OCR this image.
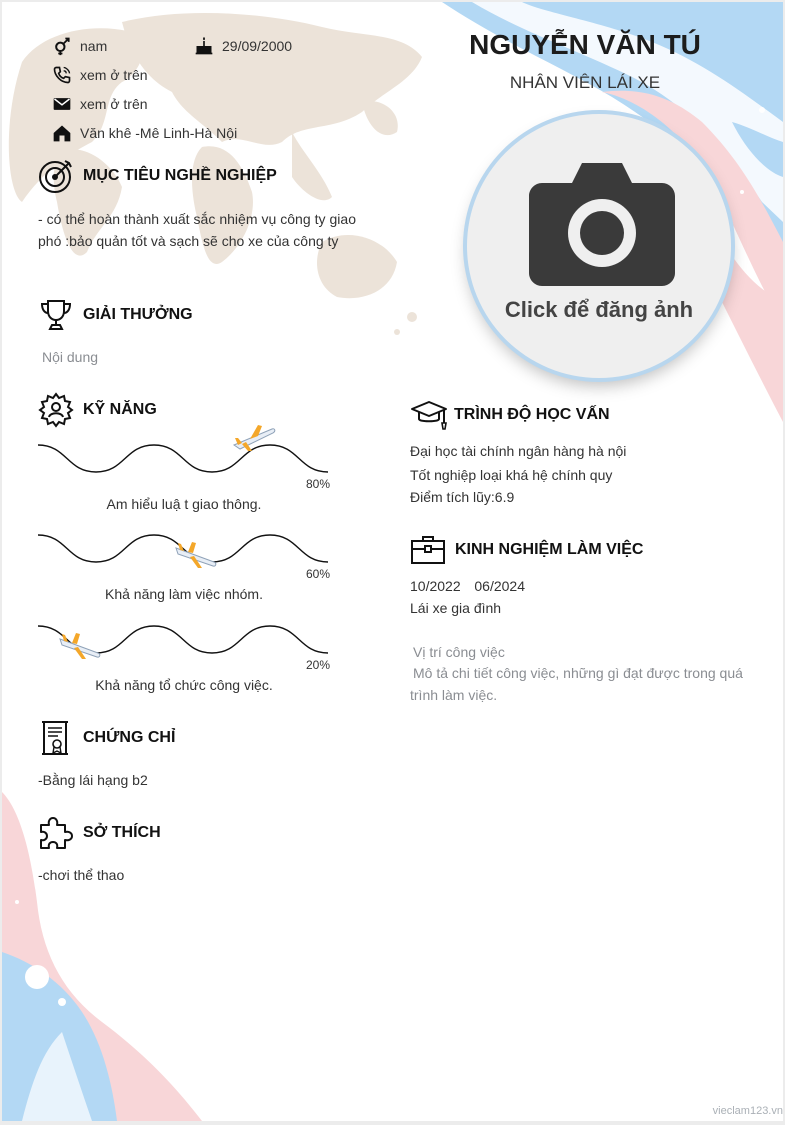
nam	29/09/2000
xem ở trên
xem ở trên
Văn khê -Mê Linh-Hà Nội
NGUYỄN VĂN TÚ
NHÂN VIÊN LÁI XE
Click để đăng ảnh
MỤC TIÊU NGHỀ NGHIỆP
- có thể hoàn thành xuất sắc nhiệm vụ công ty giao phó :bảo quản tốt và sạch sẽ cho xe của công ty
GIẢI THƯỞNG
Nội dung
KỸ NĂNG
80%
Am hiểu luậ t giao thông.
60%
Khả năng làm việc nhóm.
20%
Khả năng tổ chức công việc.
CHỨNG CHỈ
-Bằng lái hạng b2
SỞ THÍCH
-chơi thể thao
TRÌNH ĐỘ HỌC VẤN
Đại học tài chính ngân hàng hà nội
Tốt nghiệp loại khá hệ chính quy
Điểm tích lũy:6.9
KINH NGHIỆM LÀM VIỆC
10/2022 06/2024
Lái xe gia đình
Vị trí công việc
Mô tả chi tiết công việc, những gì đạt được trong quá trình làm việc.
vieclam123.vn
